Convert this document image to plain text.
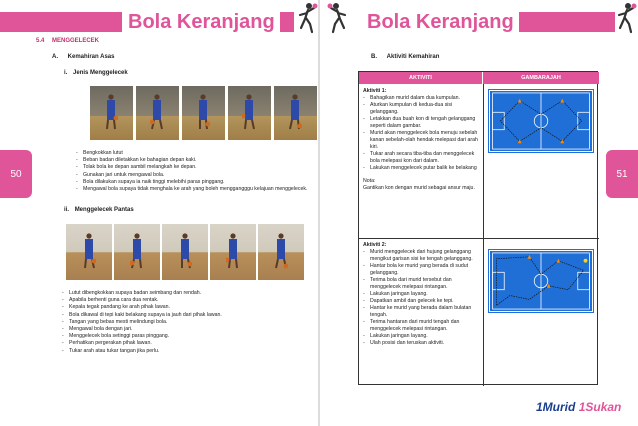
Bola Keranjang
50
5.4 MENGGELECEK
A. Kemahiran Asas
i. Jenis Menggelecek
- Bengkokkan lutut
- Beban badan diletakkan ke bahagian depan kaki.
- Tolak bola ke depan sambil melangkah ke depan.
- Gunakan jari untuk mengawal bola.
- Bola dilakukan supaya ia naik tinggi melebihi paras pinggang.
- Mengawal bola supaya tidak menghala ke arah yang boleh menggangggu kelajuan menggelecek.
ii. Menggelecek Pantas
- Lutut dibengkokkan supaya badan seimbang dan rendah.
- Apabila berhenti guna cara dua rentak.
- Kepala tegak pandang ke arah pihak lawan.
- Bola dikawal di tepi kaki belakang supaya ia jauh dari pihak lawan.
- Tangan yang bebas mesti melindungi bola.
- Mengawal bola dengan jari.
- Menggelecek bola setinggi paras pinggang.
- Perhatikan pergerakan pihak lawan.
- Tukar arah atau tukar tangan jika perlu.
Bola Keranjang
51
B. Aktiviti Kemahiran
AKTIVITI	GAMBARAJAH
Aktiviti 1:
- Bahagikan murid dalam dua kumpulan.
- Aturkan kumpulan di kedua-dua sisi gelanggang.
- Letakkan dua buah kon di tengah gelanggang seperti dalam gambar.
- Murid akan menggelecek bola menuju sebelah kanan sebelah-olah hendak melepasi dari arah kiri.
- Tukar arah secara tiba-tiba dan menggelecek bola melepasi kon dari dalam.
- Lakukan menggelecek putar balik ke belakang
Nota:
Gantikan kon dengan murid sebagai ansur maju.
Aktiviti 2:
- Murid menggelecek dari hujung gelanggang mengikut garisan sisi ke tengah gelanggang.
- Hantar bola ke murid yang berada di sudut gelanggang.
- Terima bola dari murid tersebut dan menggelecek melepasi rintangan.
- Lakukan jaringan layang.
- Dapatkan ambil dan gelecek ke tepi.
- Hantar ke murid yang berada dalam bulatan tengah.
- Terima hantaran dari murid tengah dan menggelecek melepasi rintangan.
- Lakukan jaringan layang.
- Ulah posisi dan teruskan aktiviti.
1Murid 1Sukan
